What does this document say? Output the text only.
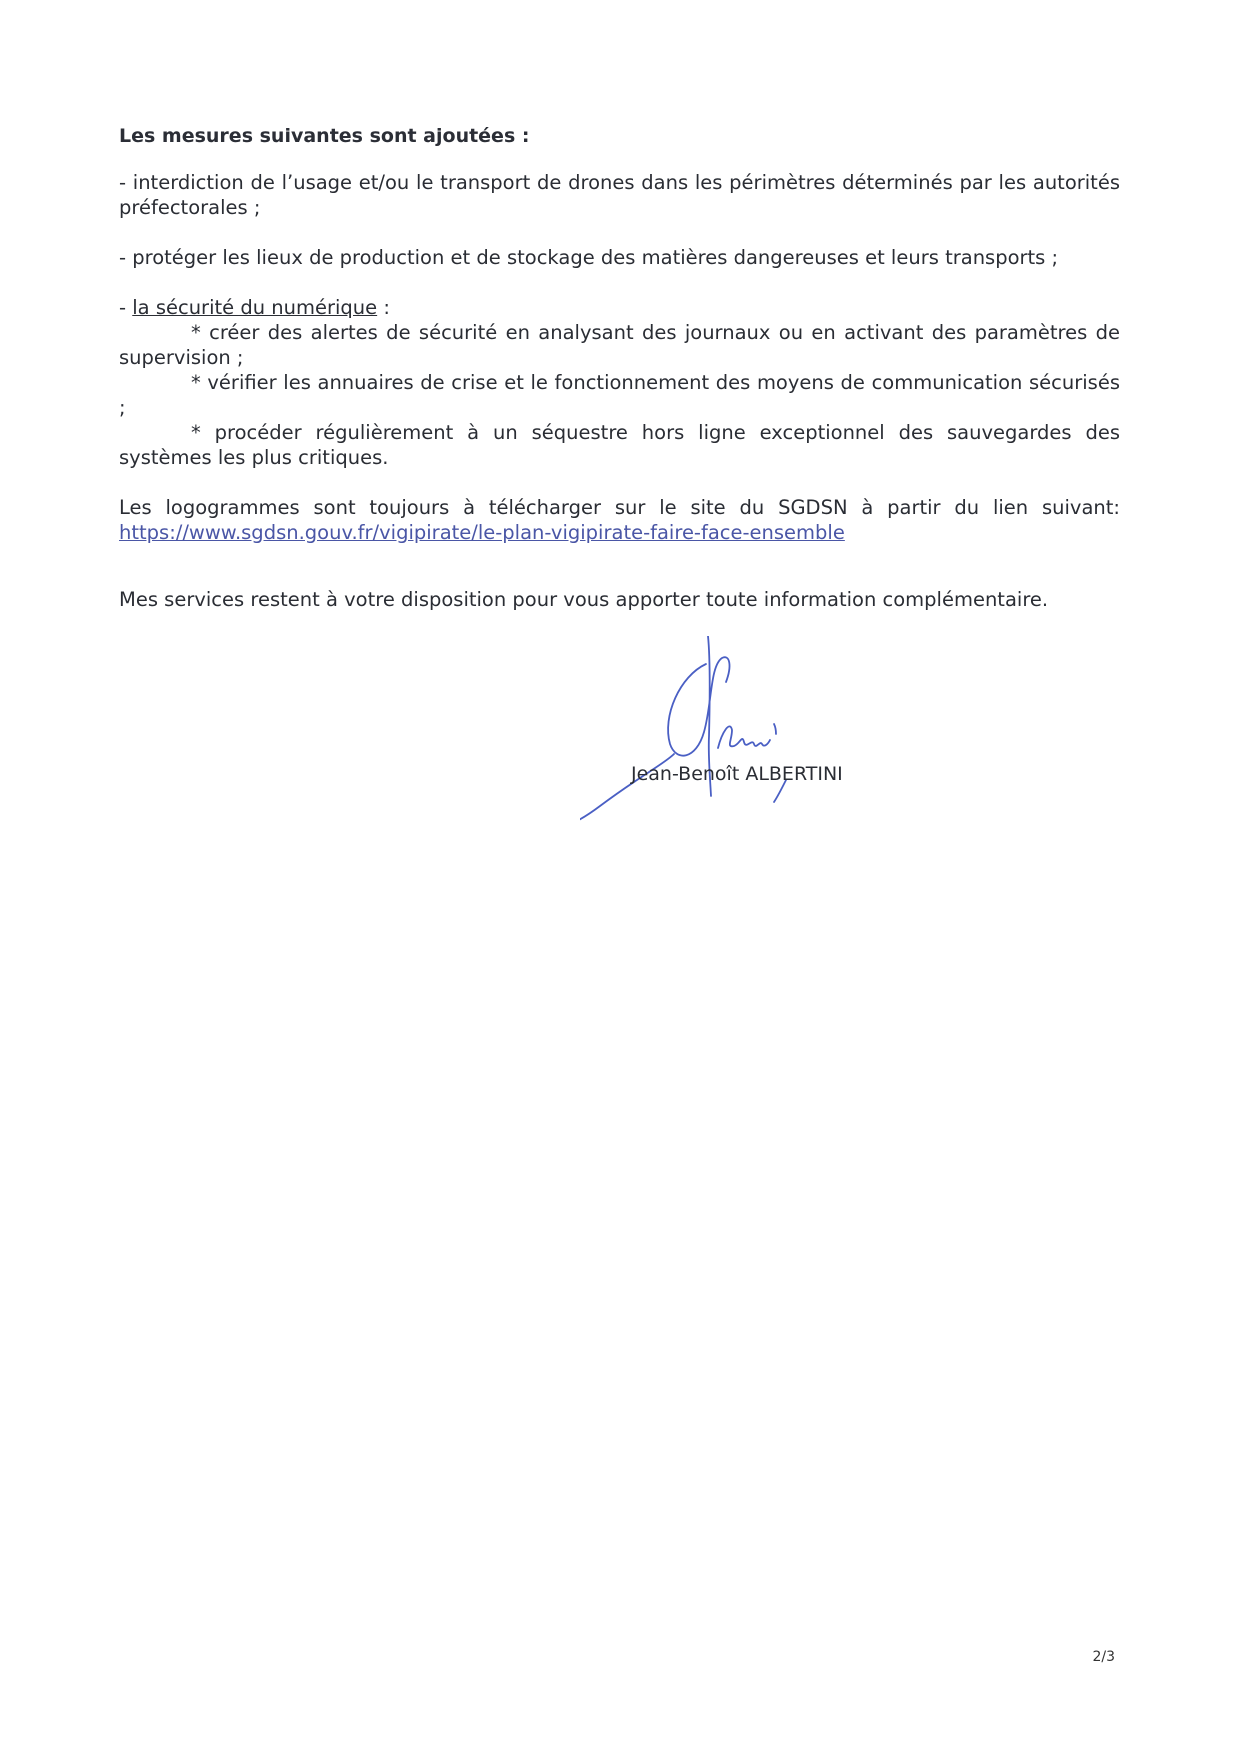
Les mesures suivantes sont ajoutées :

- interdiction de l’usage et/ou le transport de drones dans les périmètres déterminés par les autorités préfectorales ;

- protéger les lieux de production et de stockage des matières dangereuses et leurs transports ;

- la sécurité du numérique :

* créer des alertes de sécurité en analysant des journaux ou en activant des paramètres de supervision ;

* vérifier les annuaires de crise et le fonctionnement des moyens de communication sécurisés ;

* procéder régulièrement à un séquestre hors ligne exceptionnel des sauvegardes des systèmes les plus critiques.

Les logogrammes sont toujours à télécharger sur le site du SGDSN à partir du lien suivant: https://www.sgdsn.gouv.fr/vigipirate/le-plan-vigipirate-faire-face-ensemble

Mes services restent à votre disposition pour vous apporter toute information complémentaire.

Jean-Benoît ALBERTINI
2/3
